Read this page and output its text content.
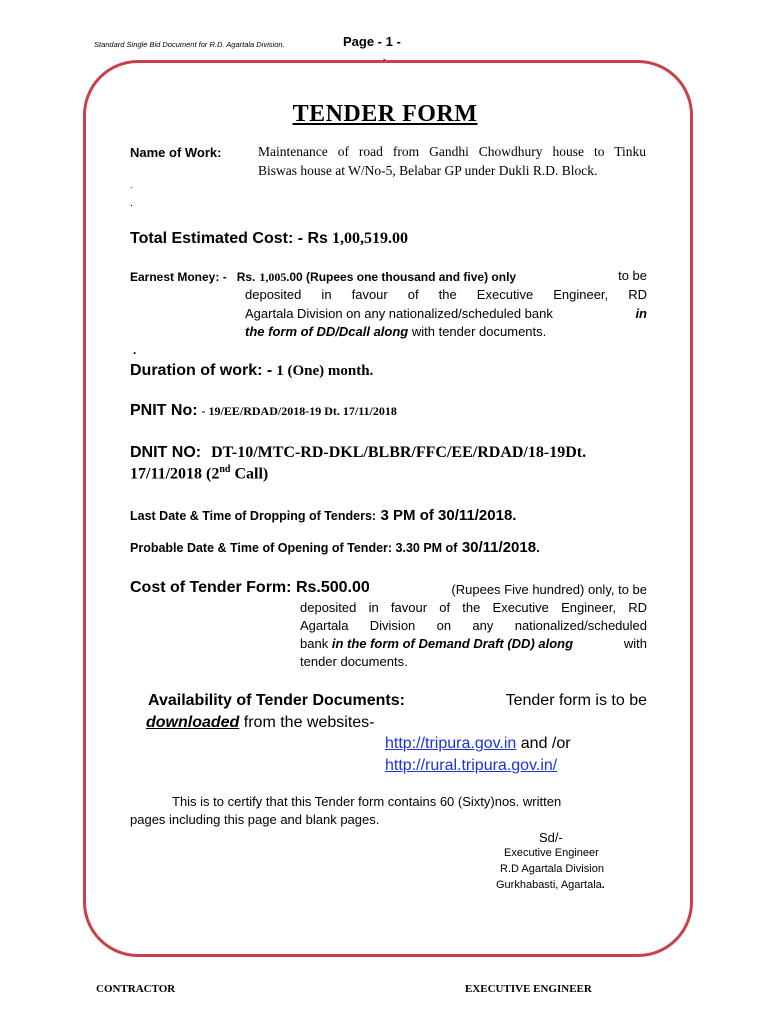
Standard Single Bid Document for R.D. Agartala Division.	Page - 1 -
-
TENDER FORM
Name of Work:	Maintenance of road from Gandhi Chowdhury house to Tinku
Biswas house at W/No-5, Belabar GP under Dukli R.D. Block.
.
.
Total Estimated Cost: - Rs 1,00,519.00
Earnest Money: - Rs. 1,005.00 (Rupees one thousand and five) only	to be
deposited in favour of the Executive Engineer, RD
Agartala Division on any nationalized/scheduled bank	in
the form of DD/Dcall along with tender documents.
.
Duration of work: - 1 (One) month.
PNIT No: - 19/EE/RDAD/2018-19 Dt. 17/11/2018
DNIT NO: DT-10/MTC-RD-DKL/BLBR/FFC/EE/RDAD/18-19Dt.
17/11/2018 (2nd Call)
Last Date & Time of Dropping of Tenders: 3 PM of 30/11/2018.
Probable Date & Time of Opening of Tender: 3.30 PM of 30/11/2018.
Cost of Tender Form: Rs.500.00	(Rupees Five hundred) only, to be
deposited in favour of the Executive Engineer, RD
Agartala Division on any nationalized/scheduled
bank in the form of Demand Draft (DD) along	with
tender documents.
Availability of Tender Documents:	Tender form is to be
downloaded from the websites-
http://tripura.gov.in and /or
http://rural.tripura.gov.in/
This is to certify that this Tender form contains 60 (Sixty)nos. written
pages including this page and blank pages.
Sd/-
Executive Engineer
R.D Agartala Division
Gurkhabasti, Agartala.
CONTRACTOR	EXECUTIVE ENGINEER
